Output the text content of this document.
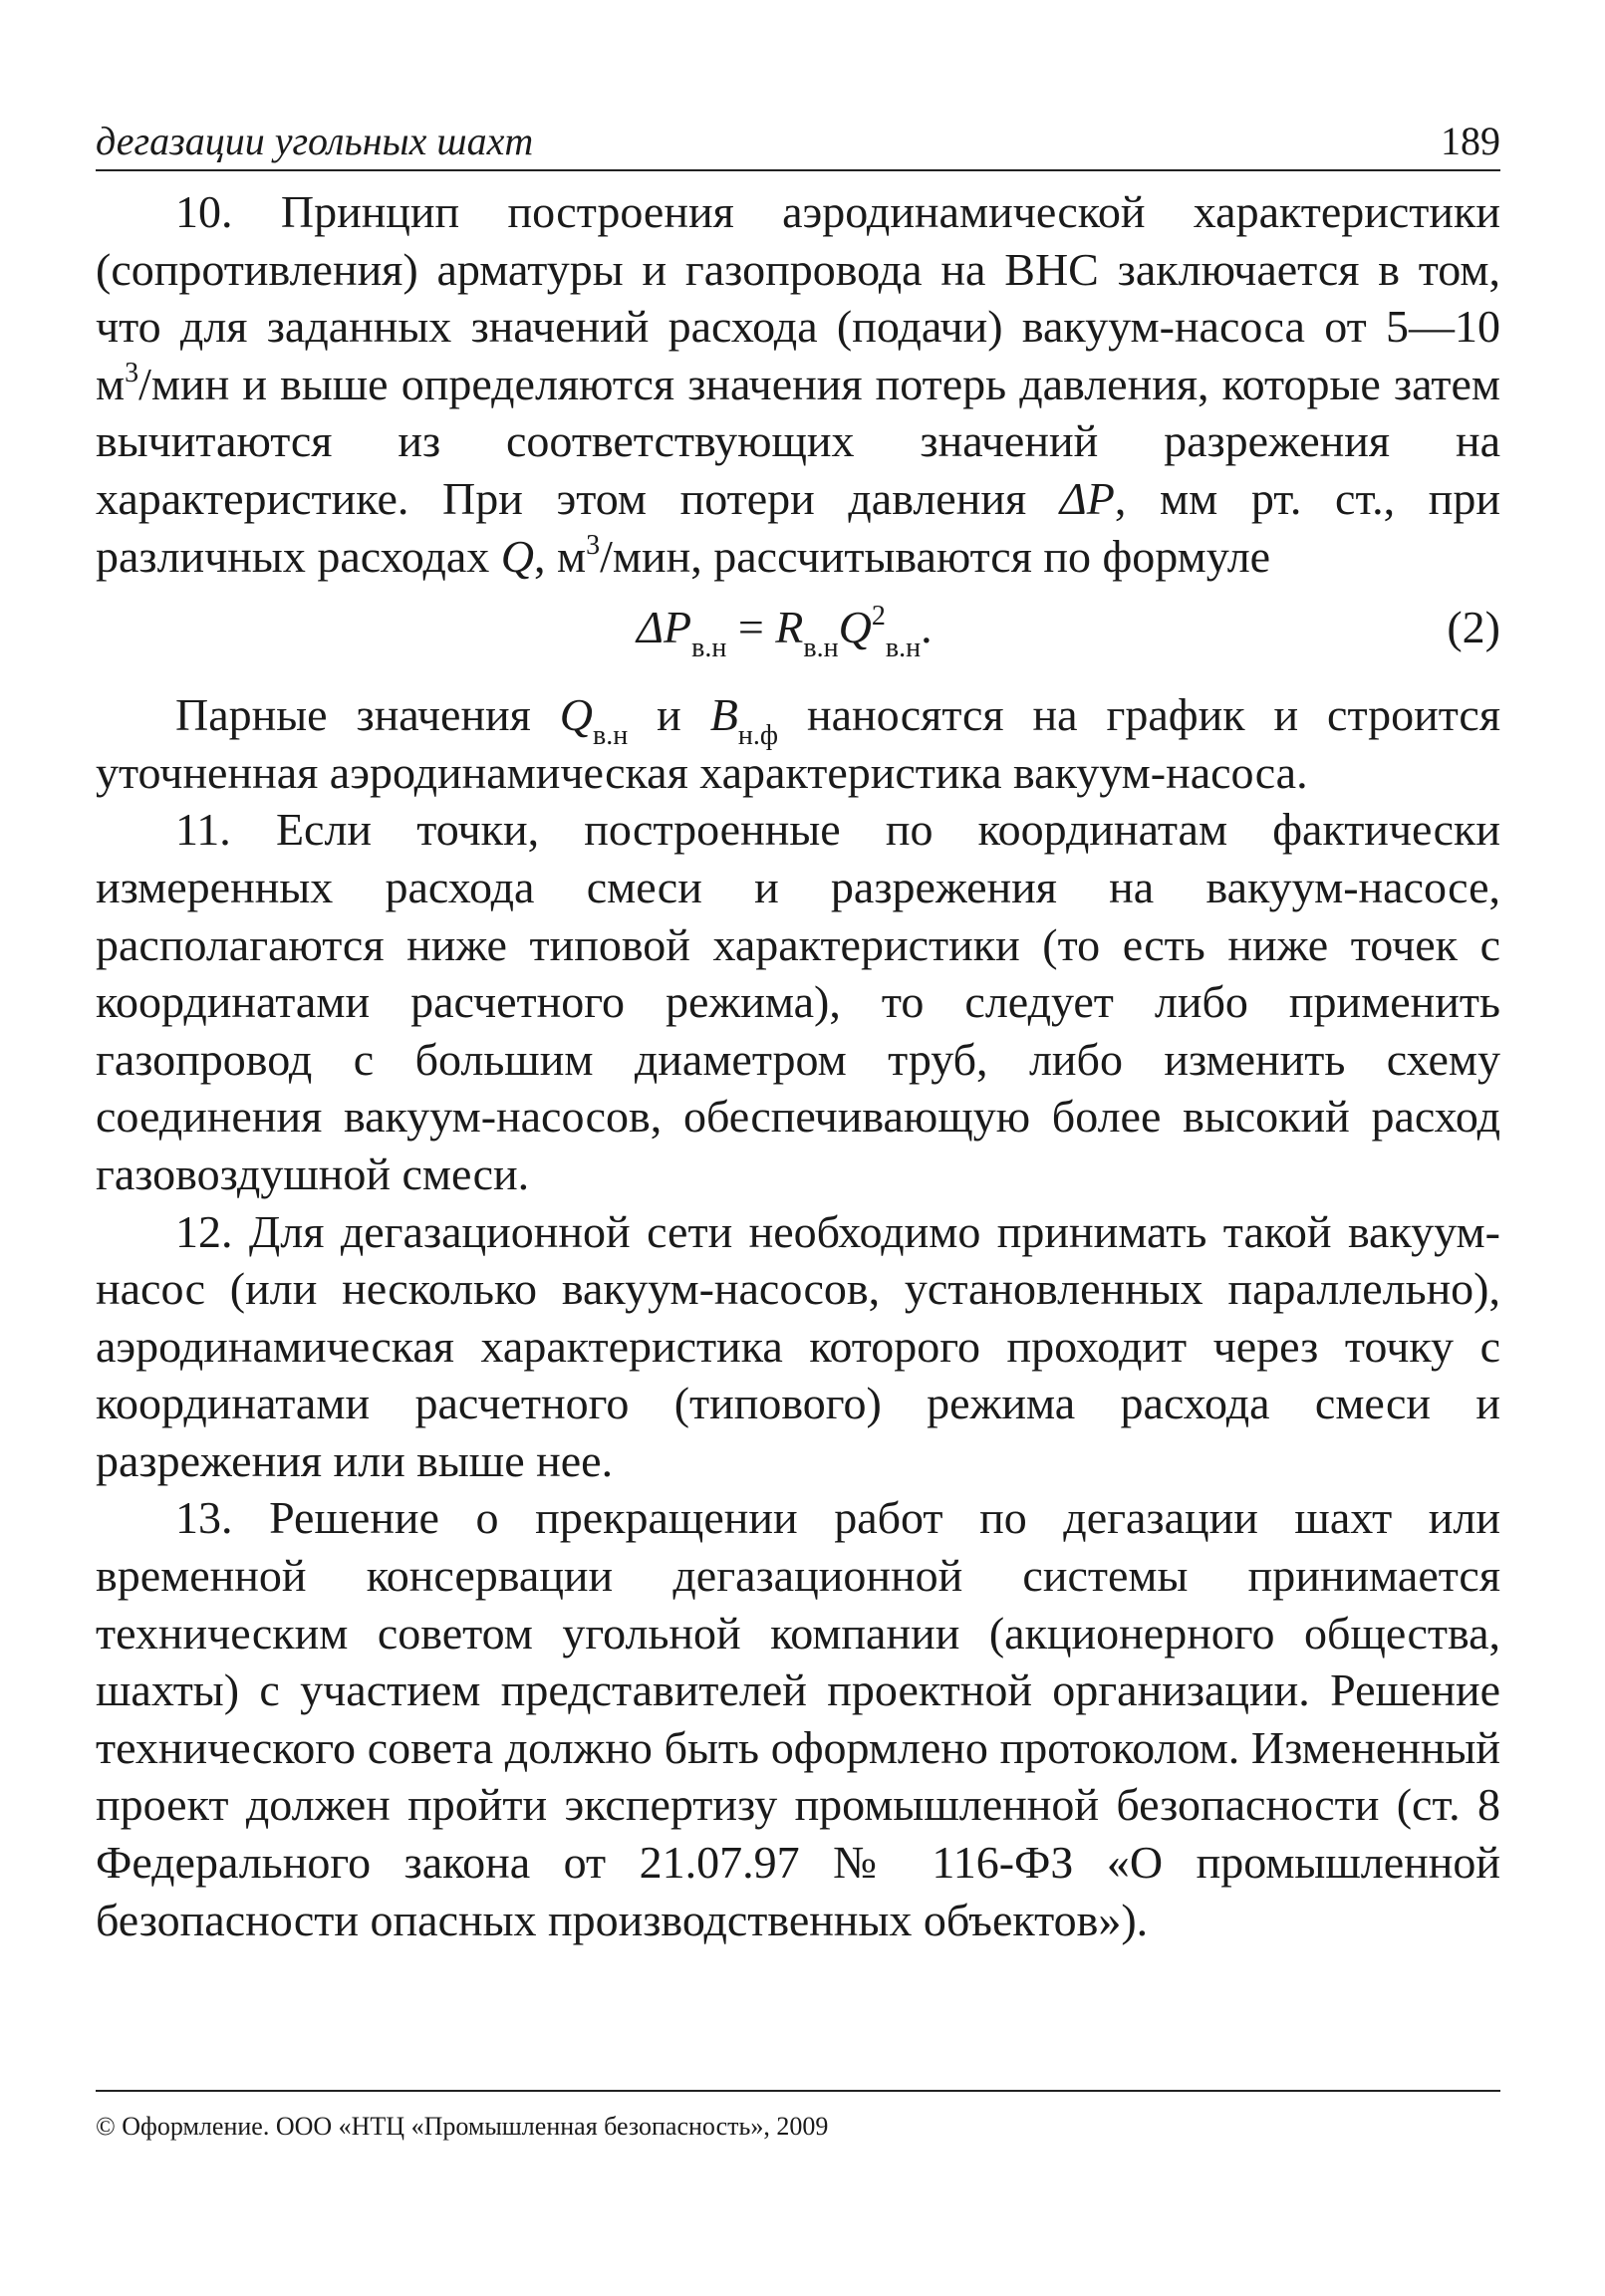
дегазации угольных шахт	189

10. Принцип построения аэродинамической характеристики (сопротивления) арматуры и газопровода на ВНС заключается в том, что для заданных значений расхода (подачи) вакуум-насоса от 5—10 $м^3$/мин и выше определяются значения потерь давления, которые затем вычитаются из соответствующих значений разрежения на характеристике. При этом потери давления ΔP, мм рт. ст., при различных расходах Q, $м^3$/мин, рассчитываются по формуле

$\Delta P_{в.н} = R_{в.н}Q^2_{в.н}$.	(2)

Парные значения $Q_{в.н}$ и $B_{н.ф}$ наносятся на график и строится уточненная аэродинамическая характеристика вакуум-насоса.

11. Если точки, построенные по координатам фактически измеренных расхода смеси и разрежения на вакуум-насосе, располагаются ниже типовой характеристики (то есть ниже точек с координатами расчетного режима), то следует либо применить газопровод с большим диаметром труб, либо изменить схему соединения вакуум-насосов, обеспечивающую более высокий расход газовоздушной смеси.

12. Для дегазационной сети необходимо принимать такой вакуум-насос (или несколько вакуум-насосов, установленных параллельно), аэродинамическая характеристика которого проходит через точку с координатами расчетного (типового) режима расхода смеси и разрежения или выше нее.

13. Решение о прекращении работ по дегазации шахт или временной консервации дегазационной системы принимается техническим советом угольной компании (акционерного общества, шахты) с участием представителей проектной организации. Решение технического совета должно быть оформлено протоколом. Измененный проект должен пройти экспертизу промышленной безопасности (ст. 8 Федерального закона от 21.07.97 № 116-ФЗ «О промышленной безопасности опасных производственных объектов»).

© Оформление. ООО «НТЦ «Промышленная безопасность», 2009
